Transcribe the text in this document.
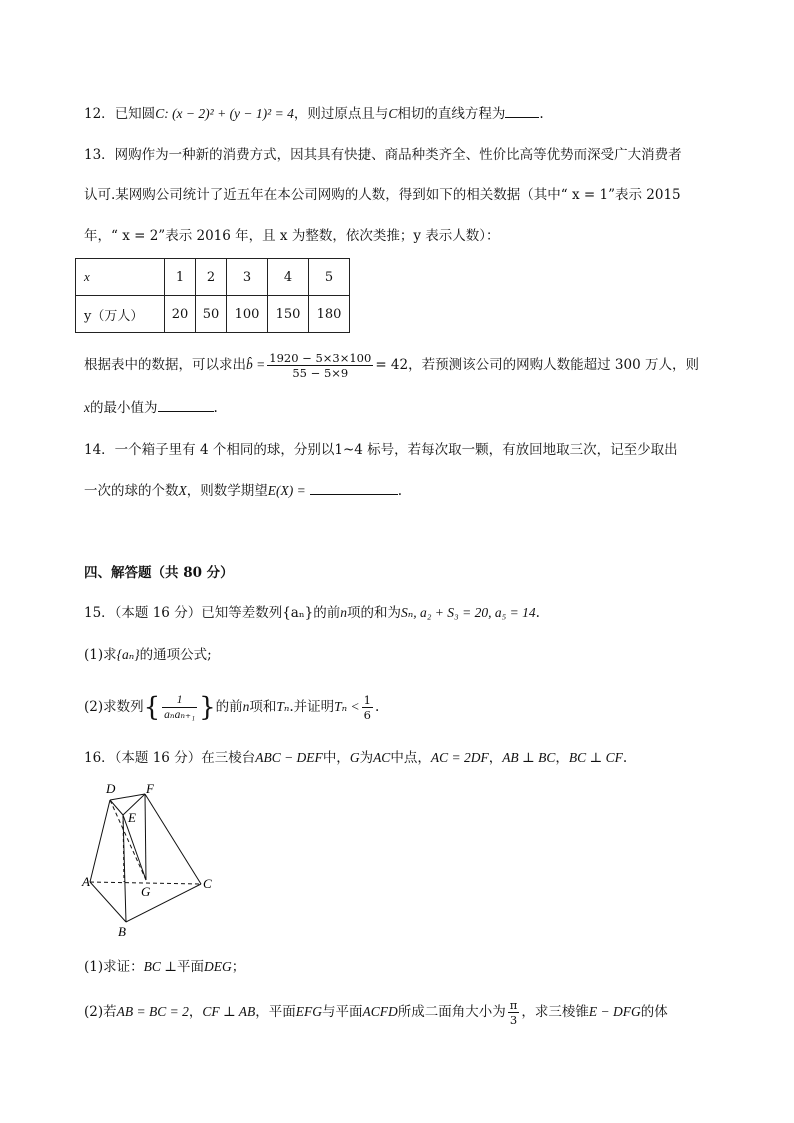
12．已知圆C: (x − 2)² + (y − 1)² = 4，则过原点且与C相切的直线方程为	.
13．网购作为一种新的消费方式，因其具有快捷、商品种类齐全、性价比高等优势而深受广大消费者
认可.某网购公司统计了近五年在本公司网购的人数，得到如下的相关数据（其中“ x = 1”表示 2015
年，“ x = 2”表示 2016 年，且 x 为整数，依次类推；y 表示人数）：
x	1	2	3	4	5
y（万人）	20	50	100	150	180
根据表中的数据，可以求出b̂ = $\frac{1920 - 5\times 3\times 100}{55 - 5\times 9} = 42$，若预测该公司的网购人数能超过 300 万人，则
x的最小值为	.
14．一个箱子里有 4 个相同的球，分别以1~4 标号，若每次取一颗，有放回地取三次，记至少取出
一次的球的个数X，则数学期望E(X) =	.
四、解答题（共 80 分）
15．（本题 16 分）已知等差数列{aₙ}的前n项的和为Sₙ, a₂ + S₃ = 20, a₅ = 14.
(1)求{aₙ}的通项公式;
(2)求数列{ $\frac{1}{\text{aₙaₙ₊₁}}$ }的前n项和Tₙ.并证明$T_n < \frac{1}{6}$ .
16．（本题 16 分）在三棱台ABC − DEF中，G为AC中点，AC = 2DF，AB ⊥ BC，BC ⊥ CF.
D F
E
A
G
C
B
(1)求证：BC ⊥平面DEG；
(2)若AB = BC = 2，CF ⊥ AB，平面EFG与平面ACFD所成二面角大小为 $\frac{\pi}{3}$ ，求三棱锥E − DFG的体
